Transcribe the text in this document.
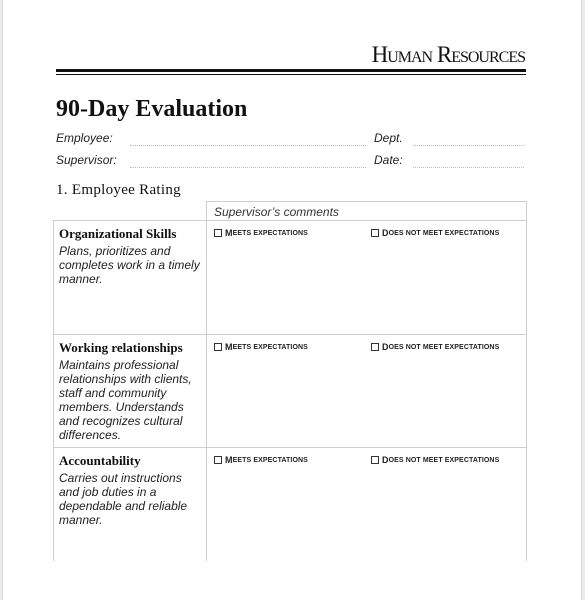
HUMAN RESOURCES
90-Day Evaluation
Employee:	Dept.
Supervisor:	Date:
1. Employee Rating
Supervisor’s comments

Organizational Skills

Plans, prioritizes and completes work in a timely manner.

M EETS EXPECTATIONS	D OES NOT MEET EXPECTATIONS

Working relationships

Maintains professional relationships with clients, staff and community members. Understands and recognizes cultural differences.

M EETS EXPECTATIONS	D OES NOT MEET EXPECTATIONS

Accountability

Carries out instructions and job duties in a dependable and reliable manner.

M EETS EXPECTATIONS	D OES NOT MEET EXPECTATIONS
